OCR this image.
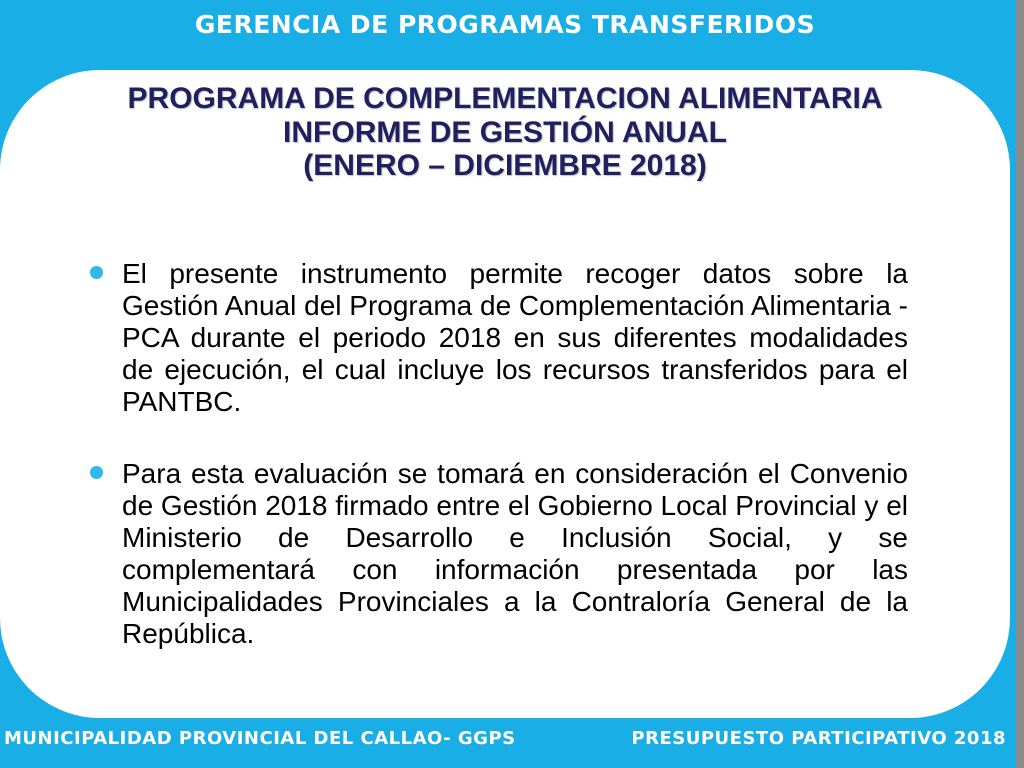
GERENCIA DE PROGRAMAS TRANSFERIDOS
PROGRAMA DE COMPLEMENTACION ALIMENTARIA
INFORME DE GESTIÓN ANUAL
(ENERO – DICIEMBRE 2018)
El presente instrumento permite recoger datos sobre la Gestión Anual del Programa de Complementación Alimentaria - PCA durante el periodo 2018 en sus diferentes modalidades de ejecución, el cual incluye los recursos transferidos para el PANTBC.
Para esta evaluación se tomará en consideración el Convenio de Gestión 2018 firmado entre el Gobierno Local Provincial y el Ministerio de Desarrollo e Inclusión Social, y se complementará con información presentada por las Municipalidades Provinciales a la Contraloría General de la República.
MUNICIPALIDAD PROVINCIAL DEL CALLAO- GGPS	PRESUPUESTO PARTICIPATIVO 2018
